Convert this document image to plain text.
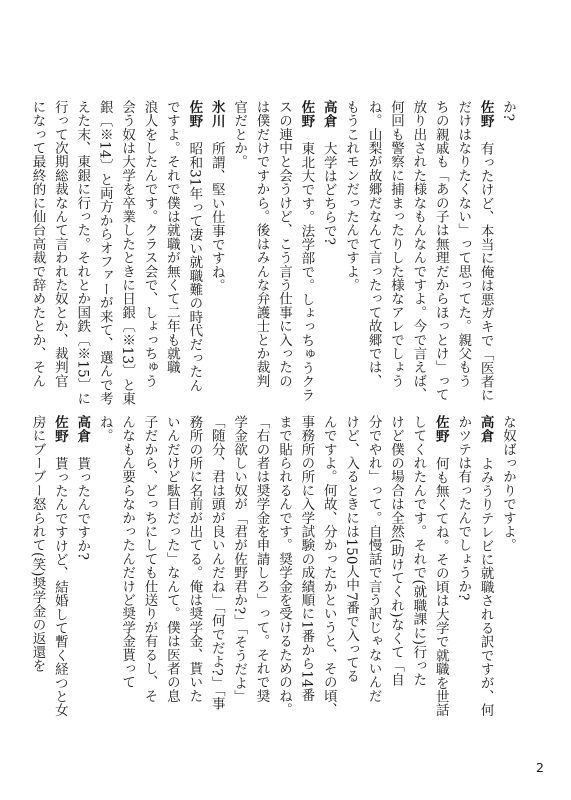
か?
佐野有ったけど、本当に俺は悪ガキで「医者に
だけはなりたくない」って思ってた。親父もう
ちの親戚も「あの子は無理だからほっとけ」って
放り出された様なもんなんですよ。今で言えば、
何回も警察に捕まったりした様なアレでしょう
ね。山梨が故郷だなんて言ったって故郷では、
もうこれモンだったんですよ。
高倉大学はどちらで?
佐野東北大です。法学部で。しょっちゅうクラ
スの連中と会うけど、こう言う仕事に入ったの
は僕だけですから。後はみんな弁護士とか裁判
官だとか。
氷川所謂、堅い仕事ですね。
佐野昭和31年って凄い就職難の時代だったん
ですよ。それで僕は就職が無くて二年も就職
浪人をしたんです。クラス会で、しょっちゅう
会う奴は大学を卒業したときに日銀〔※13〕と東
銀〔※14〕と両方からオファーが来て、選んで考
えた末、東銀に行った。それとか国鉄〔※15〕に
行って次期総裁なんて言われた奴とか、裁判官
になって最終的に仙台高裁で辞めたとか、そん
な奴ばっかりですよ。
高倉よみうりテレビに就職される訳ですが、何
かツテは有ったんでしょうか?
佐野何も無くてね。その頃は大学で就職を世話
してくれたんです。それで(就職課に)行った
けど僕の場合は全然(助けてくれ)なくて「自
分でやれ」って。自慢話で言う訳じゃないんだ
けど、入るときには150人中7番で入ってる
んですよ。何故、分かったかというと、その頃、
事務所の所に入学試験の成績順に1番から14番
まで貼られるんです。奨学金を受けるためのね。
「右の者は奨学金を申請しろ」って。それで奨
学金欲しい奴が「君が佐野君か?」「そうだよ」
「随分、君は頭が良いんだね」「何でだよ?」「事
務所の所に名前が出てる。俺は奨学金、貰いた
いんだけど駄目だった」なんて。僕は医者の息
子だから、どっちにしても仕送りが有るし、そ
んなもん要らなかったんだけど奨学金貰って
ね。
高倉貰ったんですか?
佐野貰ったんですけど、結婚して暫く経つと女
房にブーブー怒られて(笑)奨学金の返還を
2
